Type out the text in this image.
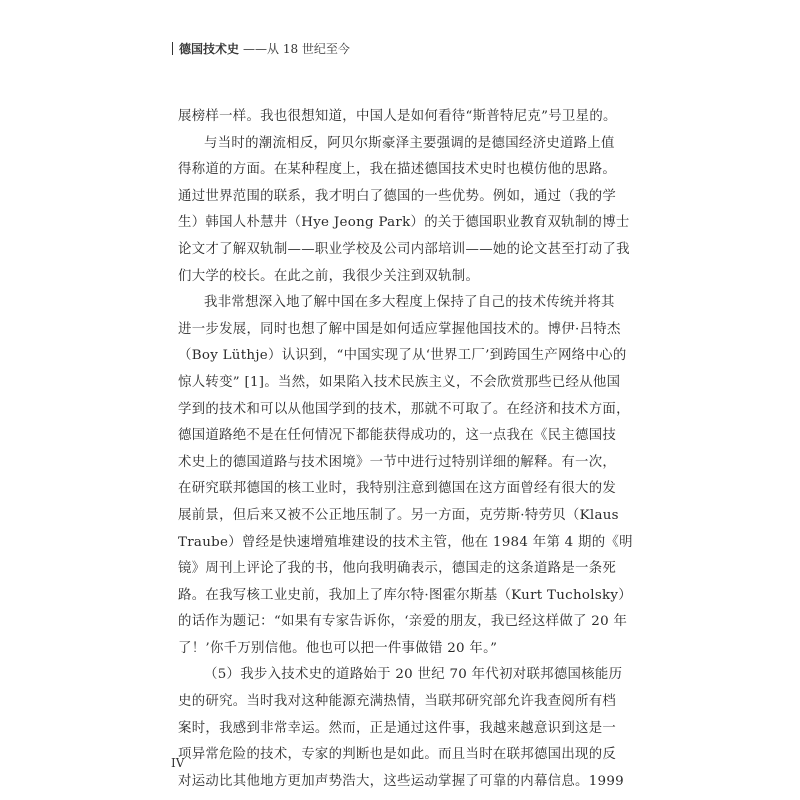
德国技术史 ——从 18 世纪至今
展榜样一样。我也很想知道，中国人是如何看待“斯普特尼克”号卫星的。
与当时的潮流相反，阿贝尔斯豪泽主要强调的是德国经济史道路上值
得称道的方面。在某种程度上，我在描述德国技术史时也模仿他的思路。
通过世界范围的联系，我才明白了德国的一些优势。例如，通过（我的学
生）韩国人朴慧井（Hye Jeong Park）的关于德国职业教育双轨制的博士
论文才了解双轨制——职业学校及公司内部培训——她的论文甚至打动了我
们大学的校长。在此之前，我很少关注到双轨制。
我非常想深入地了解中国在多大程度上保持了自己的技术传统并将其
进一步发展，同时也想了解中国是如何适应掌握他国技术的。博伊·吕特杰
（Boy Lüthje）认识到，“中国实现了从‘世界工厂’到跨国生产网络中心的
惊人转变” [1]。当然，如果陷入技术民族主义，不会欣赏那些已经从他国
学到的技术和可以从他国学到的技术，那就不可取了。在经济和技术方面，
德国道路绝不是在任何情况下都能获得成功的，这一点我在《民主德国技
术史上的德国道路与技术困境》一节中进行过特别详细的解释。有一次，
在研究联邦德国的核工业时，我特别注意到德国在这方面曾经有很大的发
展前景，但后来又被不公正地压制了。另一方面，克劳斯·特劳贝（Klaus
Traube）曾经是快速增殖堆建设的技术主管，他在 1984 年第 4 期的《明
镜》周刊上评论了我的书，他向我明确表示，德国走的这条道路是一条死
路。在我写核工业史前，我加上了库尔特·图霍尔斯基（Kurt Tucholsky）
的话作为题记：“如果有专家告诉你，‘亲爱的朋友，我已经这样做了 20 年
了！’你千万别信他。他也可以把一件事做错 20 年。”
（5）我步入技术史的道路始于 20 世纪 70 年代初对联邦德国核能历
史的研究。当时我对这种能源充满热情，当联邦研究部允许我查阅所有档
案时，我感到非常幸运。然而，正是通过这件事，我越来越意识到这是一
项异常危险的技术，专家的判断也是如此。而且当时在联邦德国出现的反
对运动比其他地方更加声势浩大，这些运动掌握了可靠的内幕信息。1999
IV
